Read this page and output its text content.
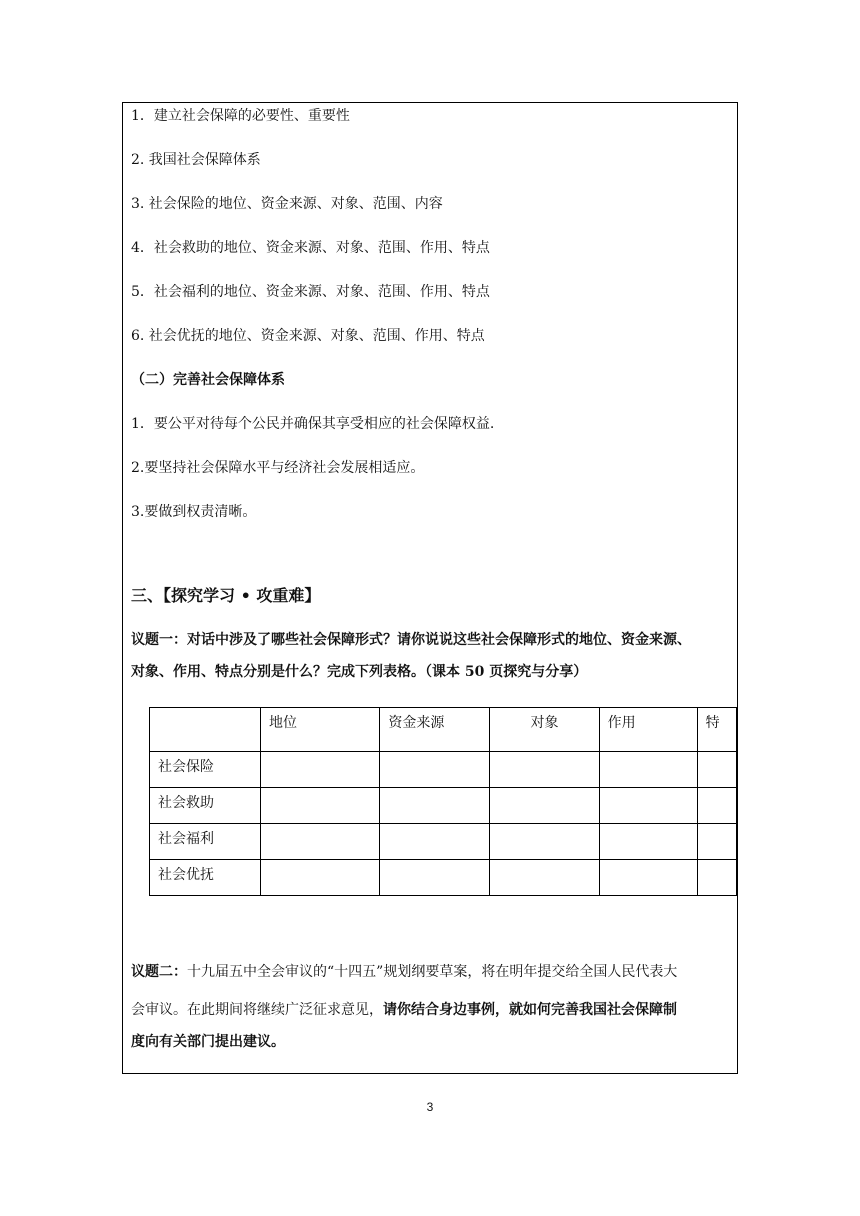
1．建立社会保障的必要性、重要性
2. 我国社会保障体系
3. 社会保险的地位、资金来源、对象、范围、内容
4．社会救助的地位、资金来源、对象、范围、作用、特点
5．社会福利的地位、资金来源、对象、范围、作用、特点
6. 社会优抚的地位、资金来源、对象、范围、作用、特点
（二）完善社会保障体系
1．要公平对待每个公民并确保其享受相应的社会保障权益.
2.要坚持社会保障水平与经济社会发展相适应。
3.要做到权责清晰。
三、【探究学习 • 攻重难】
议题一：对话中涉及了哪些社会保障形式？请你说说这些社会保障形式的地位、资金来源、
对象、作用、特点分别是什么？完成下列表格。（课本 50 页探究与分享）
	地位	资金来源	对象	作用	特
社会保险					
社会救助					
社会福利					
社会优抚					
议题二：十九届五中全会审议的“十四五”规划纲要草案，将在明年提交给全国人民代表大
会审议。在此期间将继续广泛征求意见，请你结合身边事例，就如何完善我国社会保障制
度向有关部门提出建议。
3
